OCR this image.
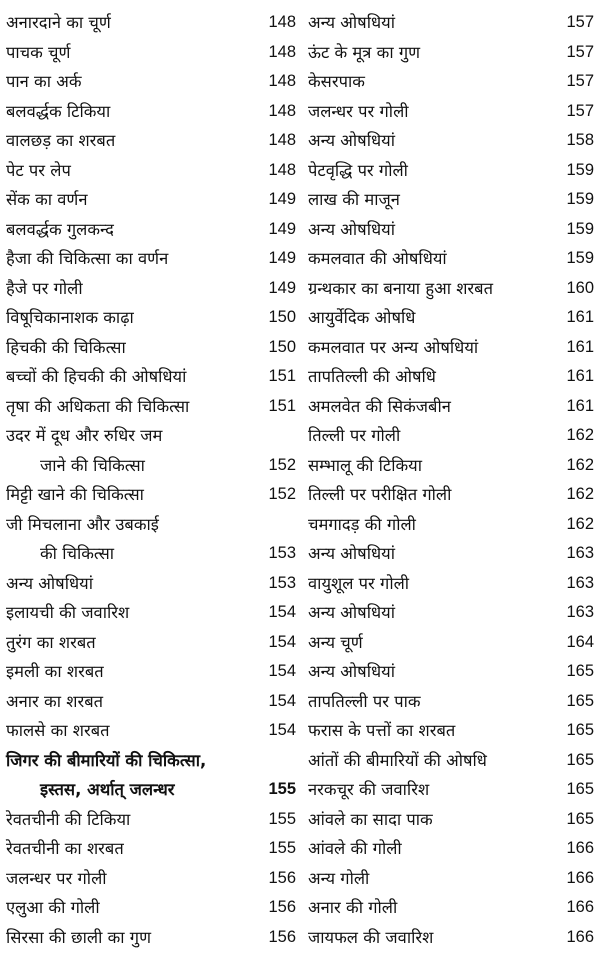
अनारदाने का चूर्ण	148
पाचक चूर्ण	148
पान का अर्क	148
बलवर्द्धक टिकिया	148
वालछड़ का शरबत	148
पेट पर लेप	148
सेंक का वर्णन	149
बलवर्द्धक गुलकन्द	149
हैजा की चिकित्सा का वर्णन	149
हैजे पर गोली	149
विषूचिकानाशक काढ़ा	150
हिचकी की चिकित्सा	150
बच्चों की हिचकी की ओषधियां	151
तृषा की अधिकता की चिकित्सा	151
उदर में दूध और रुधिर जम
जाने की चिकित्सा	152
मिट्टी खाने की चिकित्सा	152
जी मिचलाना और उबकाई
की चिकित्सा	153
अन्य ओषधियां	153
इलायची की जवारिश	154
तुरंग का शरबत	154
इमली का शरबत	154
अनार का शरबत	154
फालसे का शरबत	154
जिगर की बीमारियों की चिकित्सा,
इस्तस, अर्थात् जलन्धर	155
रेवतचीनी की टिकिया	155
रेवतचीनी का शरबत	155
जलन्धर पर गोली	156
एलुआ की गोली	156
सिरसा की छाली का गुण	156
अन्य ओषधियां	157
ऊंट के मूत्र का गुण	157
केसरपाक	157
जलन्धर पर गोली	157
अन्य ओषधियां	158
पेटवृद्धि पर गोली	159
लाख की माजून	159
अन्य ओषधियां	159
कमलवात की ओषधियां	159
ग्रन्थकार का बनाया हुआ शरबत	160
आयुर्वेदिक ओषधि	161
कमलवात पर अन्य ओषधियां	161
तापतिल्ली की ओषधि	161
अमलवेत की सिकंजबीन	161
तिल्ली पर गोली	162
सम्भालू की टिकिया	162
तिल्ली पर परीक्षित गोली	162
चमगादड़ की गोली	162
अन्य ओषधियां	163
वायुशूल पर गोली	163
अन्य ओषधियां	163
अन्य चूर्ण	164
अन्य ओषधियां	165
तापतिल्ली पर पाक	165
फरास के पत्तों का शरबत	165
आंतों की बीमारियों की ओषधि	165
नरकचूर की जवारिश	165
आंवले का सादा पाक	165
आंवले की गोली	166
अन्य गोली	166
अनार की गोली	166
जायफल की जवारिश	166
